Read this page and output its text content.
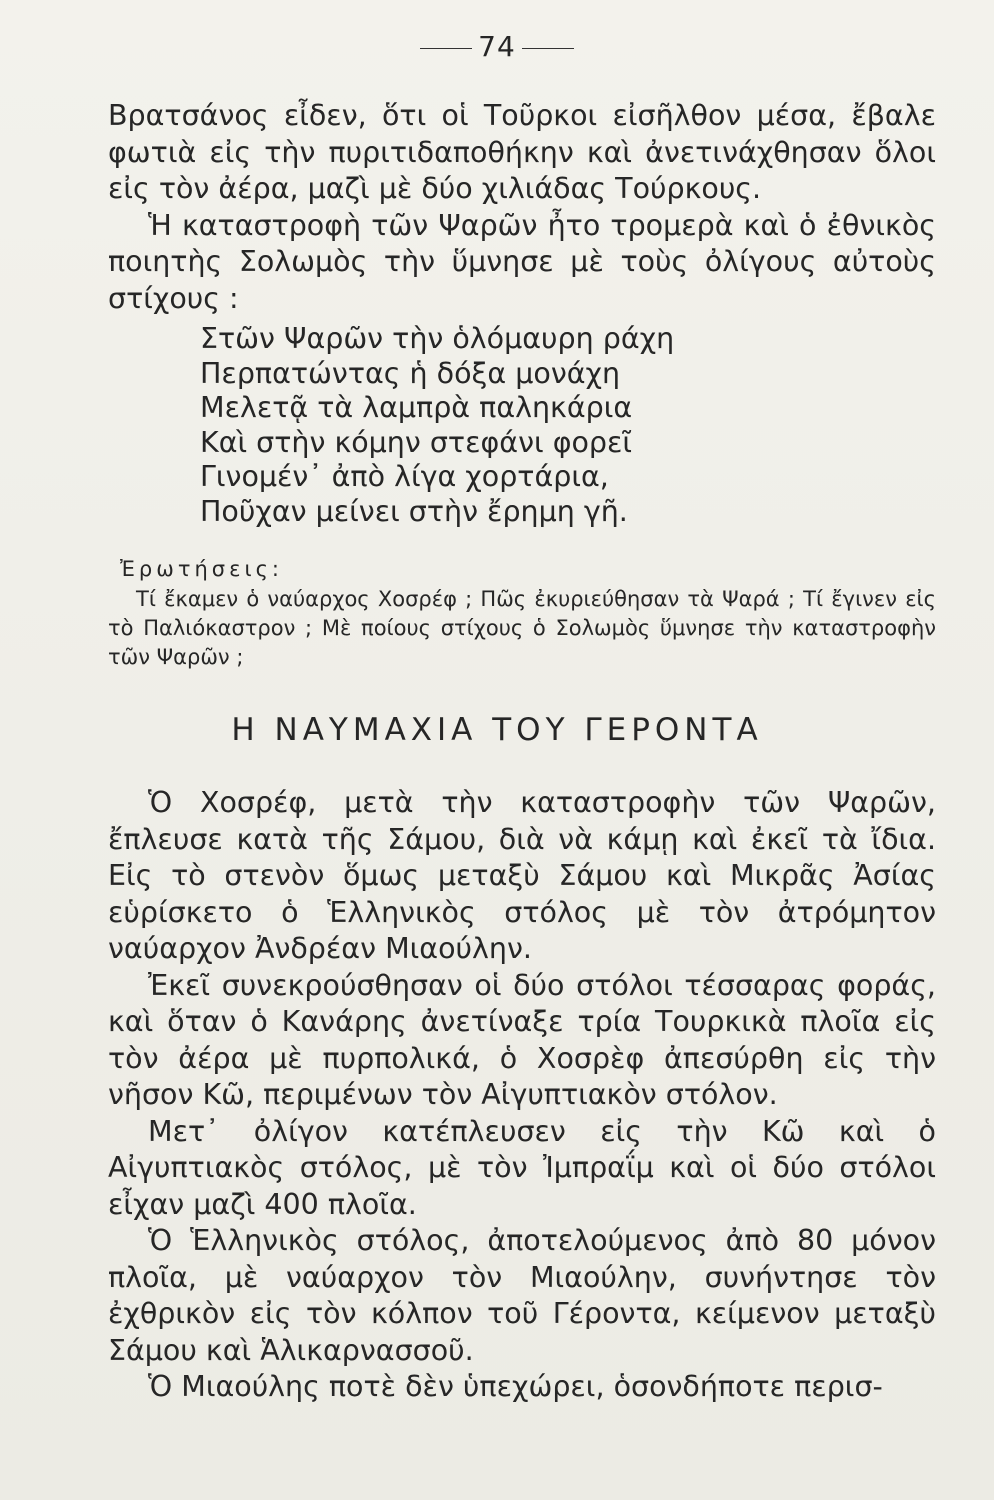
74

Βρατσάνος εἶδεν, ὅτι οἱ Τοῦρκοι εἰσῆλθον μέσα, ἔβαλε φωτιὰ εἰς τὴν πυριτιδαποθήκην καὶ ἀνετινάχθησαν ὅλοι εἰς τὸν ἀέρα, μαζὶ μὲ δύο χιλιάδας Τούρκους.

Ἡ καταστροφὴ τῶν Ψαρῶν ἦτο τρομερὰ καὶ ὁ ἐθνικὸς ποιητὴς Σολωμὸς τὴν ὕμνησε μὲ τοὺς ὀλίγους αὐτοὺς στίχους :

Στῶν Ψαρῶν τὴν ὁλόμαυρη ράχη
Περπατώντας ἡ δόξα μονάχη
Μελετᾷ τὰ λαμπρὰ παληκάρια
Καὶ στὴν κόμην στεφάνι φορεῖ
Γινομέν᾽ ἀπὸ λίγα χορτάρια,
Ποῦχαν μείνει στὴν ἔρημη γῆ.
Ἐρωτήσεις:
Τί ἔκαμεν ὁ ναύαρχος Χοσρέφ ; Πῶς ἐκυριεύθησαν τὰ Ψαρά ; Τί ἔγινεν εἰς τὸ Παλιόκαστρον ; Μὲ ποίους στίχους ὁ Σολωμὸς ὕμνησε τὴν καταστροφὴν τῶν Ψαρῶν ;
Η ΝΑΥΜΑΧΙΑ ΤΟΥ ΓΕΡΟΝΤΑ

Ὁ Χοσρέφ, μετὰ τὴν καταστροφὴν τῶν Ψαρῶν, ἔπλευσε κατὰ τῆς Σάμου, διὰ νὰ κάμῃ καὶ ἐκεῖ τὰ ἴδια. Εἰς τὸ στενὸν ὅμως μεταξὺ Σάμου καὶ Μικρᾶς Ἀσίας εὑρίσκετο ὁ Ἑλληνικὸς στόλος μὲ τὸν ἀτρόμητον ναύαρχον Ἀνδρέαν Μιαούλην.

Ἐκεῖ συνεκρούσθησαν οἱ δύο στόλοι τέσσαρας φοράς, καὶ ὅταν ὁ Κανάρης ἀνετίναξε τρία Τουρκικὰ πλοῖα εἰς τὸν ἀέρα μὲ πυρπολικά, ὁ Χοσρὲφ ἀπεσύρθη εἰς τὴν νῆσον Κῶ, περιμένων τὸν Αἰγυπτιακὸν στόλον.

Μετ᾽ ὀλίγον κατέπλευσεν εἰς τὴν Κῶ καὶ ὁ Αἰγυπτιακὸς στόλος, μὲ τὸν Ἰμπραΐμ καὶ οἱ δύο στόλοι εἶχαν μαζὶ 400 πλοῖα.

Ὁ Ἑλληνικὸς στόλος, ἀποτελούμενος ἀπὸ 80 μόνον πλοῖα, μὲ ναύαρχον τὸν Μιαούλην, συνήντησε τὸν ἐχθρικὸν εἰς τὸν κόλπον τοῦ Γέροντα, κείμενον μεταξὺ Σάμου καὶ Ἁλικαρνασσοῦ.

Ὁ Μιαούλης ποτὲ δὲν ὑπεχώρει, ὁσονδήποτε περισ-
